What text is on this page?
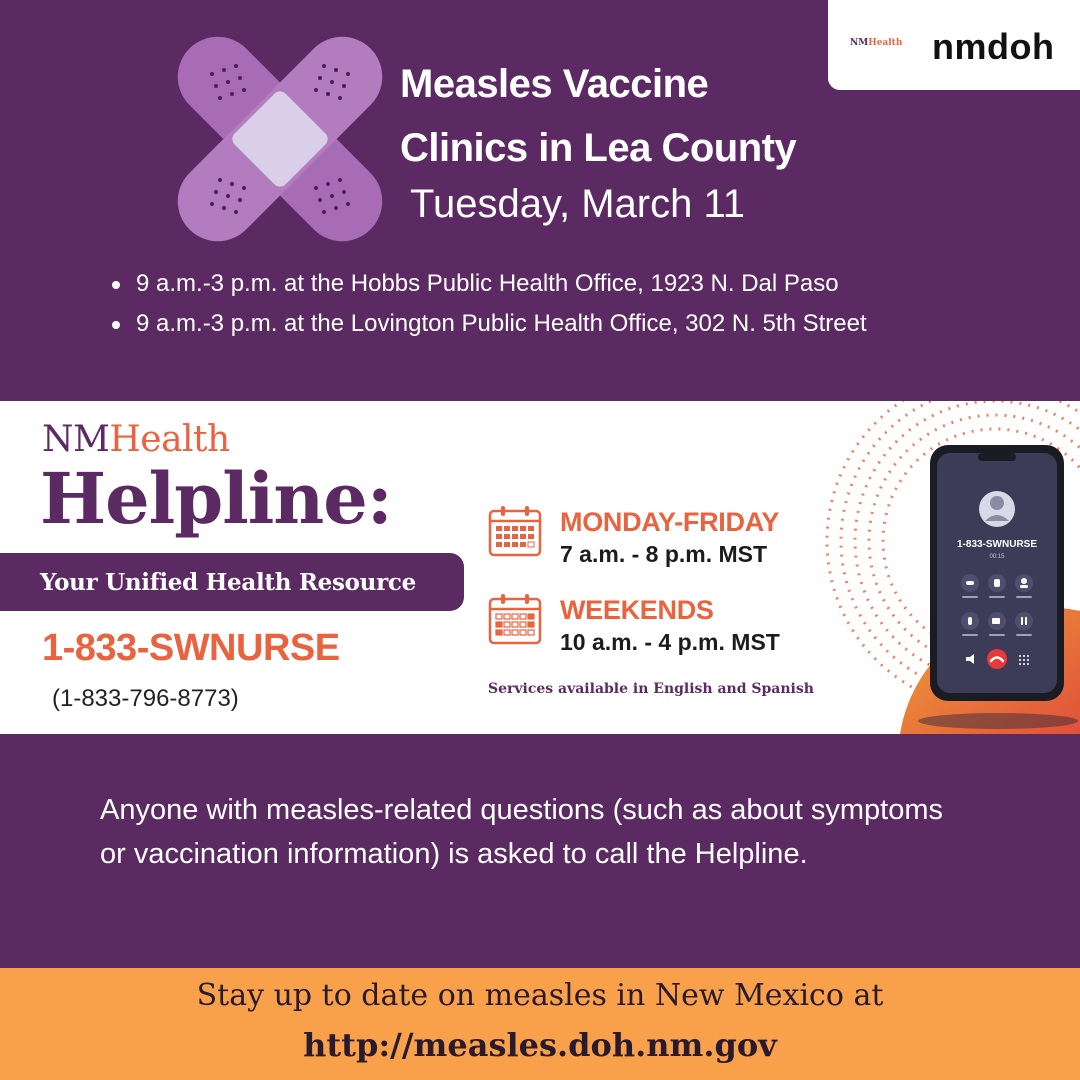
Measles Vaccine
Clinics in Lea County
Tuesday, March 11
9 a.m.-3 p.m. at the Hobbs Public Health Office, 1923 N. Dal Paso
9 a.m.-3 p.m. at the Lovington Public Health Office, 302 N. 5th Street
NMHealth nmdoh
NMHealth
Helpline:
Your Unified Health Resource
1-833-SWNURSE
(1-833-796-8773)
MONDAY-FRIDAY
7 a.m. - 8 p.m. MST
WEEKENDS
10 a.m. - 4 p.m. MST
Services available in English and Spanish
1-833-SWNURSE
00:15
Anyone with measles-related questions (such as about symptoms or vaccination information) is asked to call the Helpline.
Stay up to date on measles in New Mexico at
http://measles.doh.nm.gov
